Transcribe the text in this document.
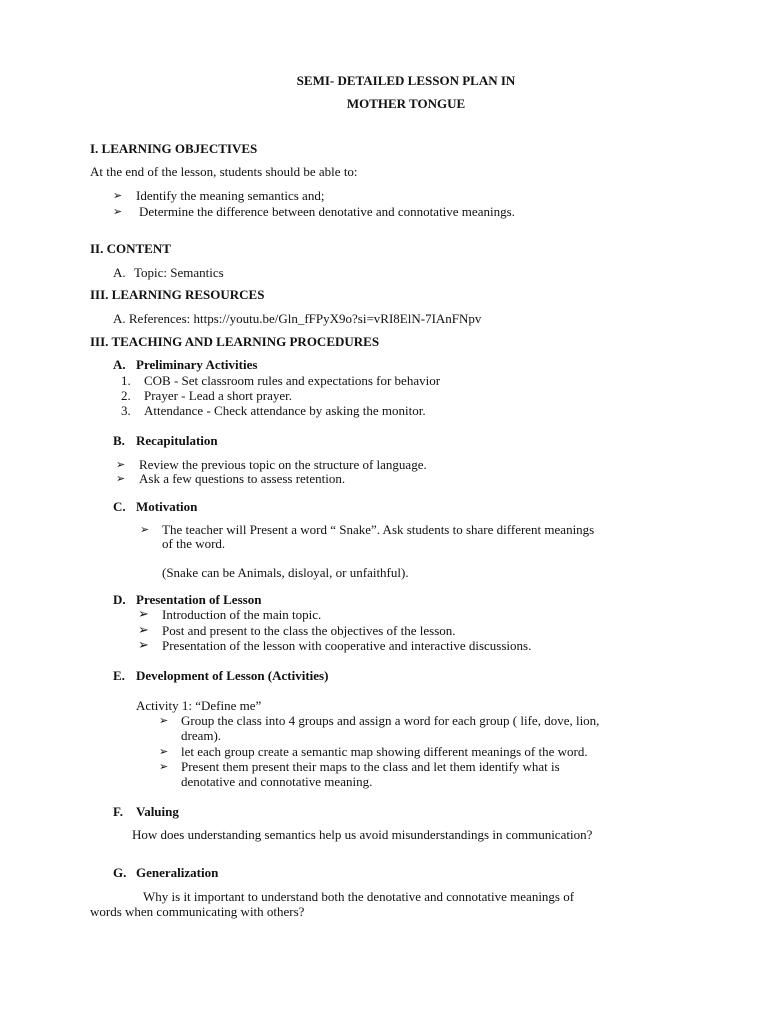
SEMI- DETAILED LESSON PLAN IN
MOTHER TONGUE
I. LEARNING OBJECTIVES
At the end of the lesson, students should be able to:
➢ Identify the meaning semantics and;
➢ Determine the difference between denotative and connotative meanings.
II. CONTENT
A. Topic: Semantics
III. LEARNING RESOURCES
A. References: https://youtu.be/Gln_fFPyX9o?si=vRI8ElN-7IAnFNpv
III. TEACHING AND LEARNING PROCEDURES
A. Preliminary Activities
1. COB - Set classroom rules and expectations for behavior
2. Prayer - Lead a short prayer.
3. Attendance - Check attendance by asking the monitor.
B. Recapitulation
➢ Review the previous topic on the structure of language.
➢ Ask a few questions to assess retention.
C. Motivation
➢ The teacher will Present a word “ Snake”. Ask students to share different meanings
of the word.
(Snake can be Animals, disloyal, or unfaithful).
D. Presentation of Lesson
➢ Introduction of the main topic.
➢ Post and present to the class the objectives of the lesson.
➢ Presentation of the lesson with cooperative and interactive discussions.
E. Development of Lesson (Activities)
Activity 1: “Define me”
➢ Group the class into 4 groups and assign a word for each group ( life, dove, lion,
dream).
➢ let each group create a semantic map showing different meanings of the word.
➢ Present them present their maps to the class and let them identify what is
denotative and connotative meaning.
F. Valuing
How does understanding semantics help us avoid misunderstandings in communication?
G. Generalization
Why is it important to understand both the denotative and connotative meanings of
words when communicating with others?
